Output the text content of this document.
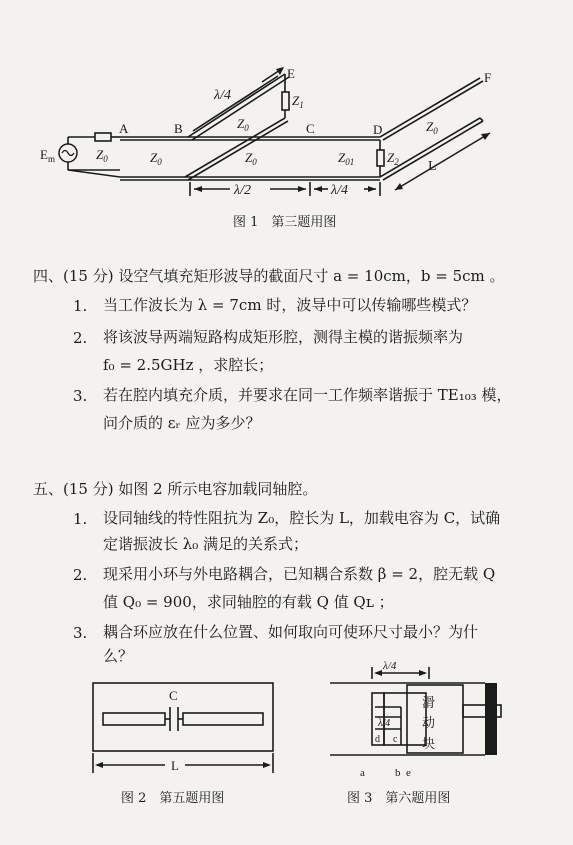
A	B	C	D
E	F
$E_m$	$Z_0$	$Z_0$	$Z_0$
$Z_0$	$Z_0$
$Z_{01}$
$Z_1$
$Z_2$
λ/4
λ/2	λ/4
L
图 1　第三题用图
四、(15 分) 设空气填充矩形波导的截面尺寸 a = 10cm，b = 5cm 。
1. 当工作波长为 λ = 7cm 时，波导中可以传输哪些模式？
2. 将该波导两端短路构成矩形腔，测得主模的谐振频率为
f₀ = 2.5GHz ，求腔长；
3. 若在腔内填充介质，并要求在同一工作频率谐振于 TE₁₀₃ 模，
问介质的 εᵣ 应为多少？
五、(15 分) 如图 2 所示电容加载同轴腔。
1. 设同轴线的特性阻抗为 Z₀，腔长为 L，加载电容为 C，试确
定谐振波长 λ₀ 满足的关系式；
2. 现采用小环与外电路耦合，已知耦合系数 β = 2，腔无载 Q
值 Q₀ = 900，求同轴腔的有载 Q 值 Qʟ ；
3. 耦合环应放在什么位置、如何取向可使环尺寸最小？为什
么？
C
L
图 2　第五题用图
λ/4
λ/4
滑
动
块
d c
a	b e
图 3　第六题用图
